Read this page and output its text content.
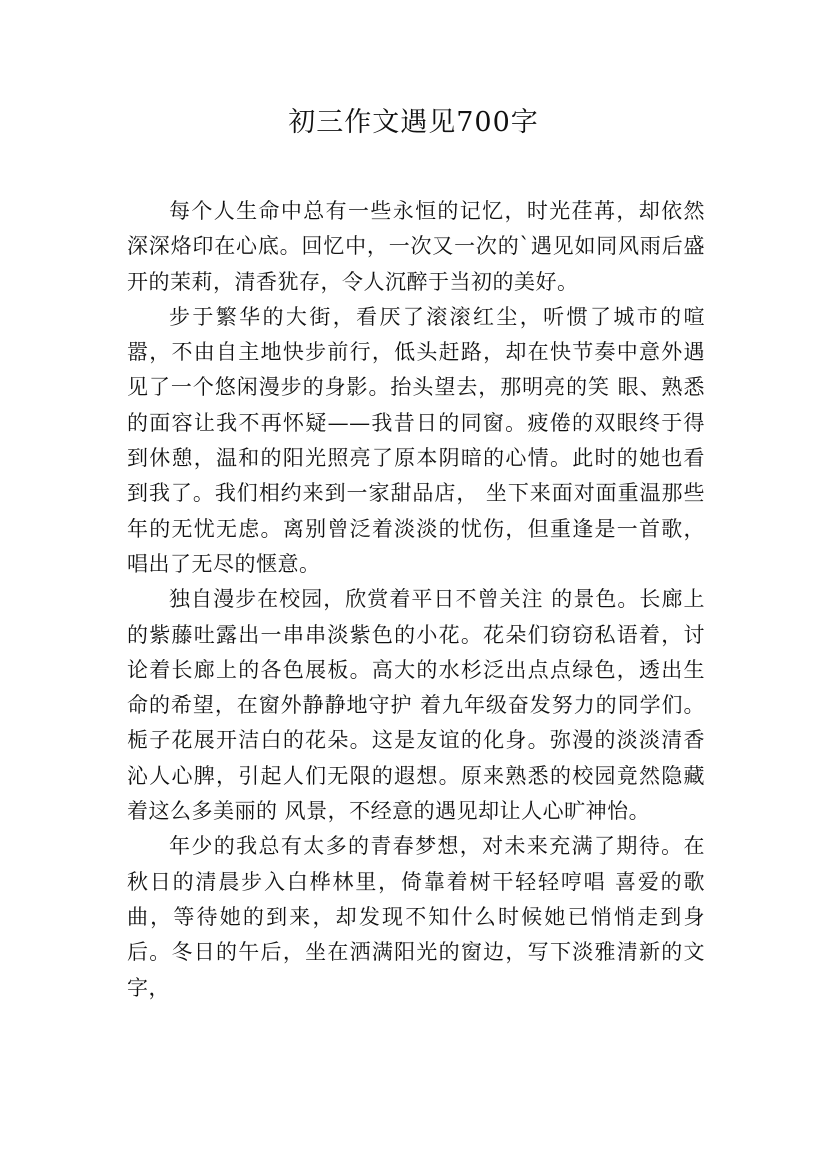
初三作文遇见700字

每个人生命中总有一些永恒的记忆，时光荏苒，却依然深深烙印在心底。回忆中，一次又一次的`遇见如同风雨后盛开的茉莉，清香犹存，令人沉醉于当初的美好。

步于繁华的大街，看厌了滚滚红尘，听惯了城市的喧嚣，不由自主地快步前行，低头赶路，却在快节奏中意外遇见了一个悠闲漫步的身影。抬头望去，那明亮的笑 眼、熟悉的面容让我不再怀疑——我昔日的同窗。疲倦的双眼终于得到休憩，温和的阳光照亮了原本阴暗的心情。此时的她也看到我了。我们相约来到一家甜品店， 坐下来面对面重温那些年的无忧无虑。离别曾泛着淡淡的忧伤，但重逢是一首歌，唱出了无尽的惬意。

独自漫步在校园，欣赏着平日不曾关注 的景色。长廊上的紫藤吐露出一串串淡紫色的小花。花朵们窃窃私语着，讨论着长廊上的各色展板。高大的水杉泛出点点绿色，透出生命的希望，在窗外静静地守护 着九年级奋发努力的同学们。栀子花展开洁白的花朵。这是友谊的化身。弥漫的淡淡清香沁人心脾，引起人们无限的遐想。原来熟悉的校园竟然隐藏着这么多美丽的 风景，不经意的遇见却让人心旷神怡。

年少的我总有太多的青春梦想，对未来充满了期待。在秋日的清晨步入白桦林里，倚靠着树干轻轻哼唱 喜爱的歌曲，等待她的到来，却发现不知什么时候她已悄悄走到身后。冬日的午后，坐在洒满阳光的窗边，写下淡雅清新的文字，
